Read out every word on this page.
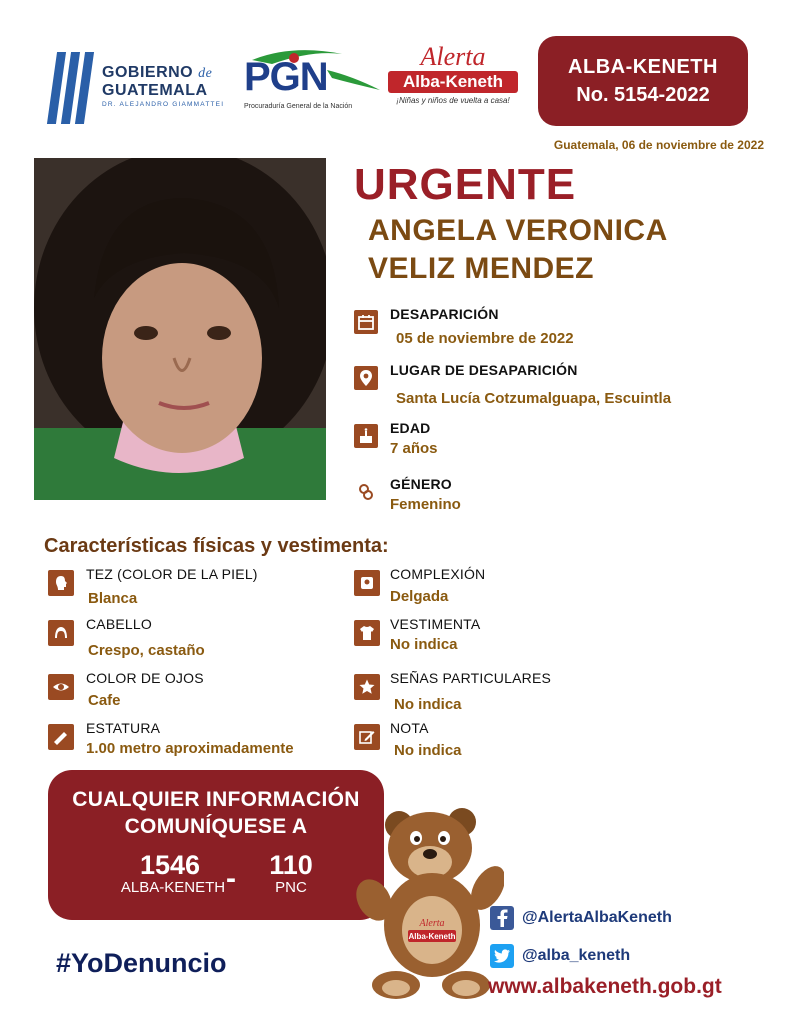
GOBIERNO de
GUATEMALA
DR. ALEJANDRO GIAMMATTEI
PGN
Procuraduría General de la Nación
Alerta
Alba-Keneth
¡Niñas y niños de vuelta a casa!
ALBA-KENETH
No. 5154-2022
Guatemala, 06 de noviembre de 2022
URGENTE
ANGELA VERONICA
VELIZ MENDEZ
DESAPARICIÓN
05 de noviembre de 2022
LUGAR DE DESAPARICIÓN
Santa Lucía Cotzumalguapa, Escuintla
EDAD
7 años
GÉNERO
Femenino
Características físicas y vestimenta:
TEZ (COLOR DE LA PIEL)
Blanca
CABELLO
Crespo, castaño
COLOR DE OJOS
Cafe
ESTATURA
1.00 metro aproximadamente
COMPLEXIÓN
Delgada
VESTIMENTA
No indica
SEÑAS PARTICULARES
No indica
NOTA
No indica
CUALQUIER INFORMACIÓN
COMUNÍQUESE A
1546
ALBA-KENETH -	110
PNC
#YoDenuncio
Alerta
Alba-Keneth
@AlertaAlbaKeneth
@alba_keneth
www.albakeneth.gob.gt
